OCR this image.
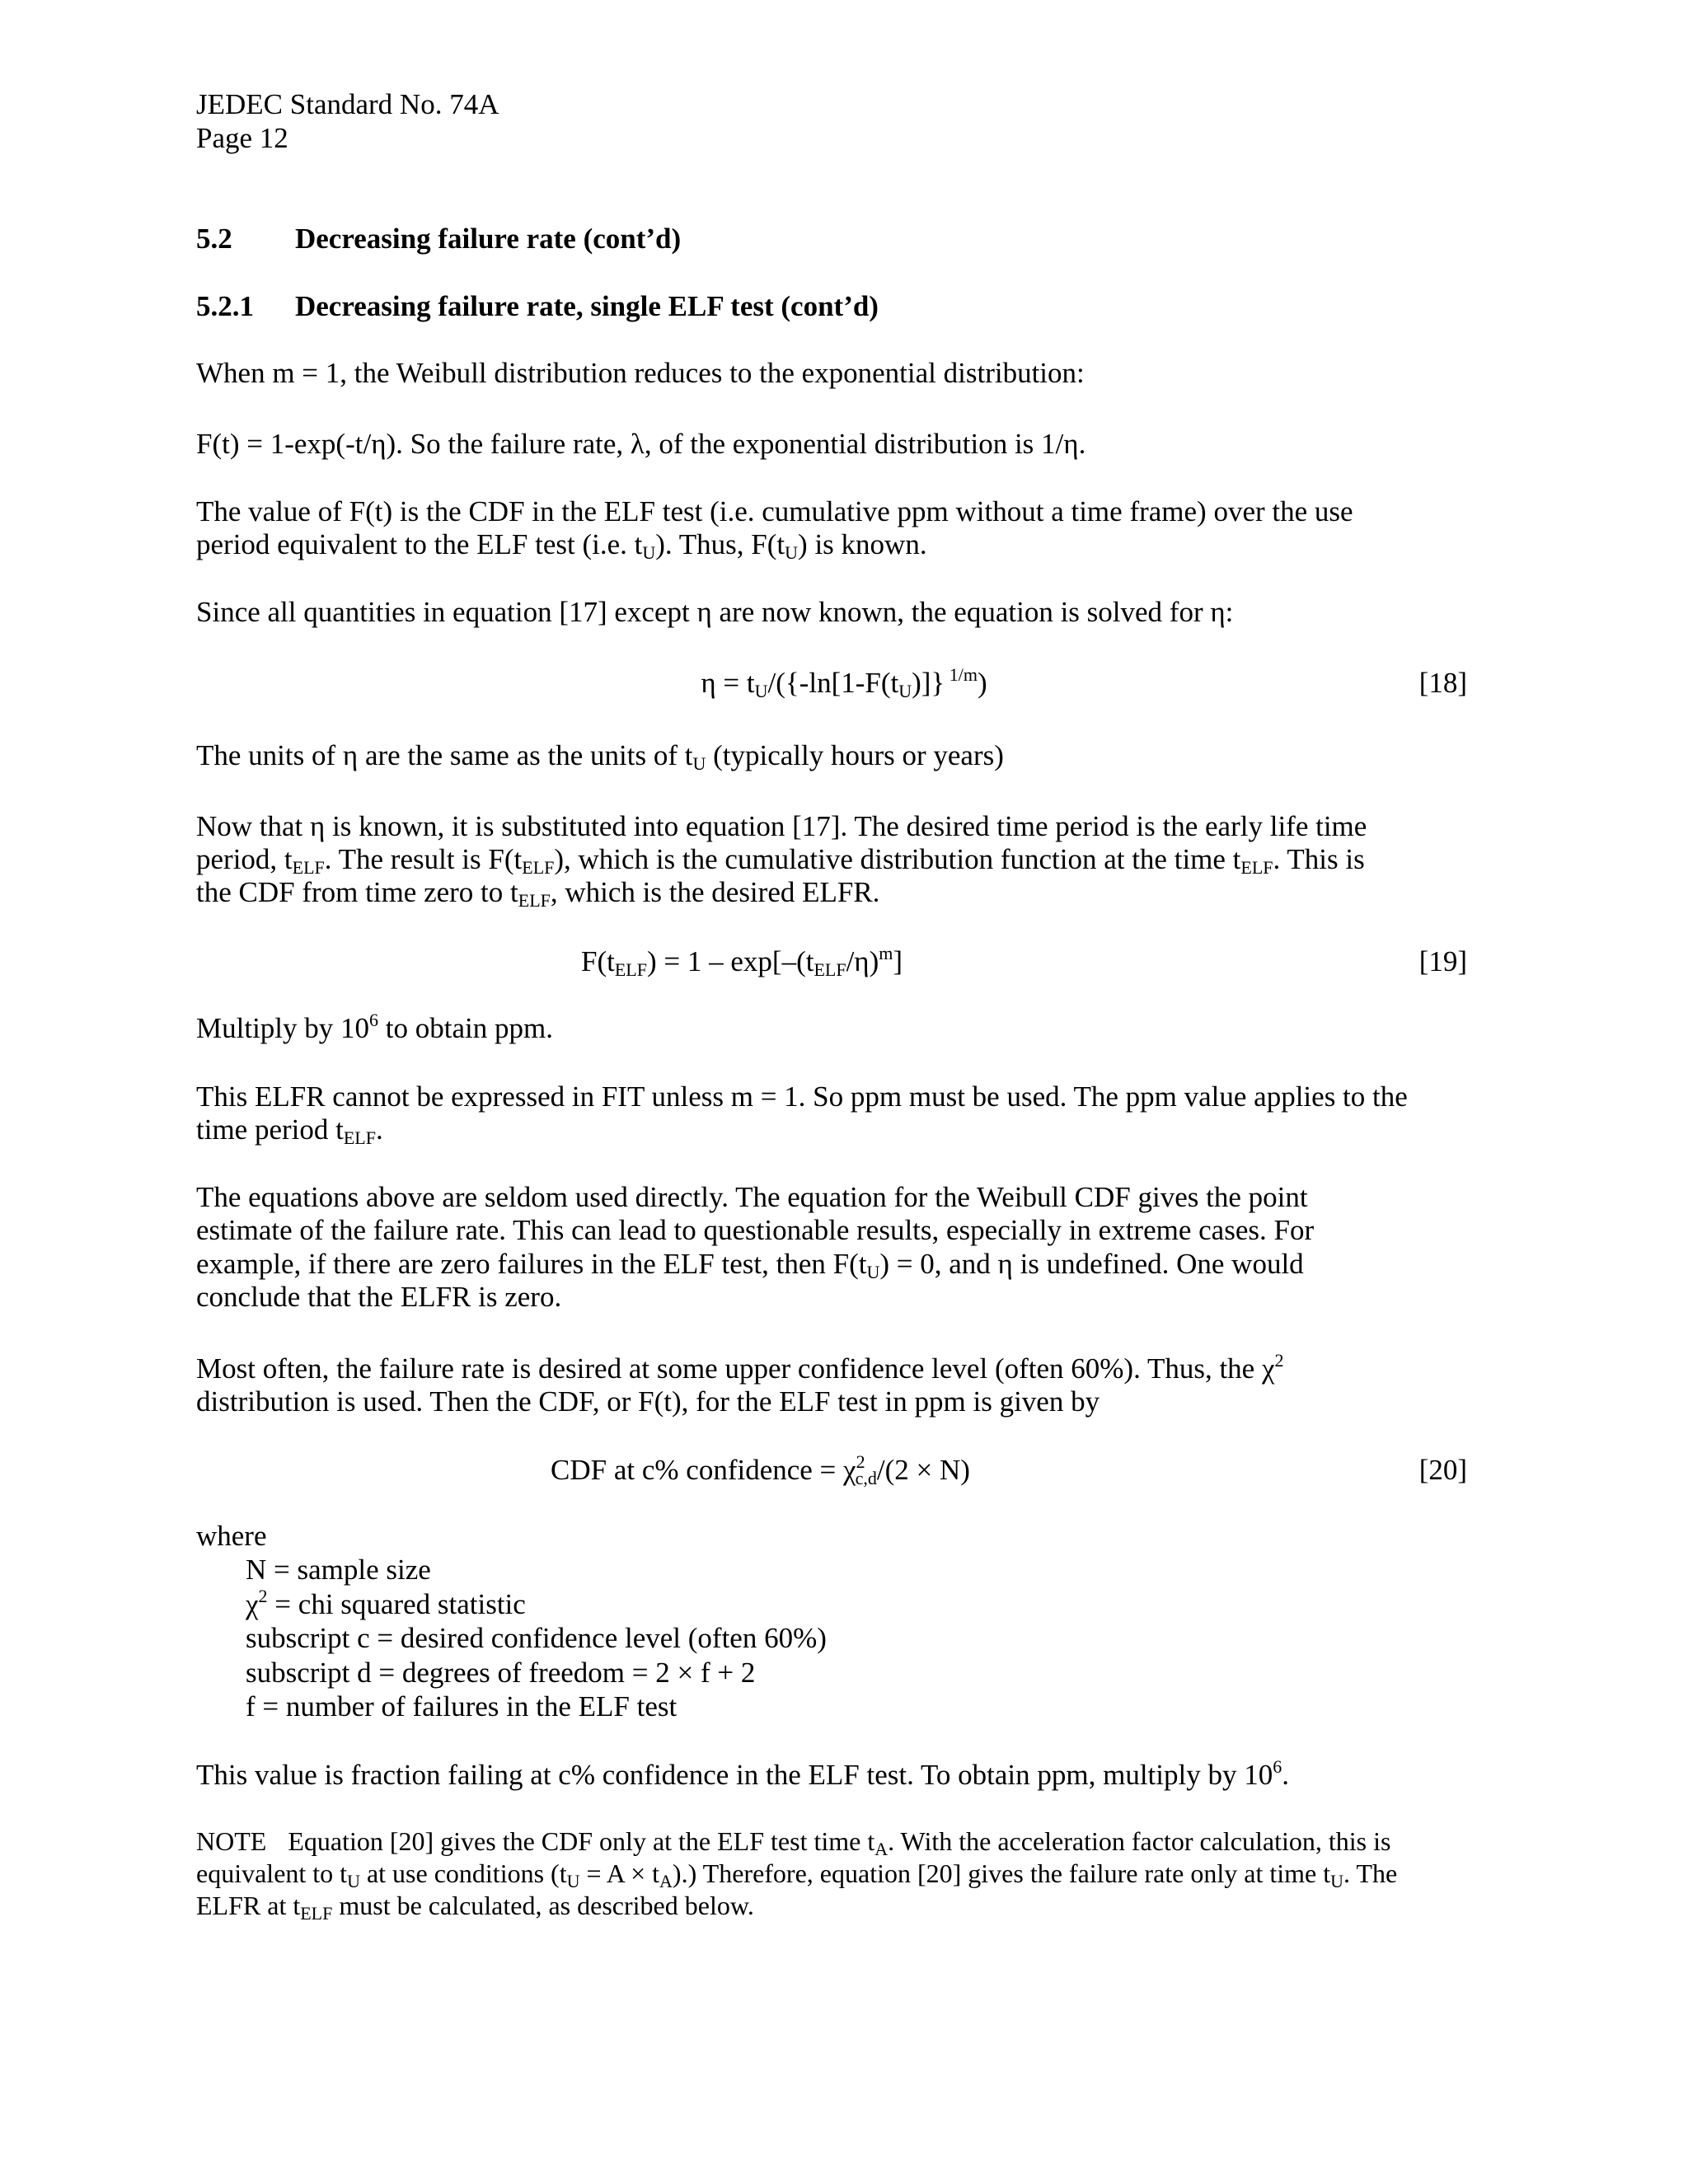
JEDEC Standard No. 74A
Page 12
5.2 Decreasing failure rate (cont’d)
5.2.1 Decreasing failure rate, single ELF test (cont’d)
When m = 1, the Weibull distribution reduces to the exponential distribution:
F(t) = 1-exp(-t/η). So the failure rate, λ, of the exponential distribution is 1/η.
The value of F(t) is the CDF in the ELF test (i.e. cumulative ppm without a time frame) over the use
period equivalent to the ELF test (i.e. $t_U$). Thus, $F(t_U)$ is known.
Since all quantities in equation [17] except η are now known, the equation is solved for η:
$\eta = t_U/(\{-\ln[1-F(t_U)]\}$ $^{1/m}$)	[18]
The units of η are the same as the units of $t_U$ (typically hours or years)
Now that η is known, it is substituted into equation [17]. The desired time period is the early life time
period, $t_{ELF}$. The result is $F(t_{ELF})$, which is the cumulative distribution function at the time $t_{ELF}$. This is
the CDF from time zero to $t_{ELF}$, which is the desired ELFR.
$F(t_{ELF}) = 1 - \exp[-(t_{ELF}/\eta)^m]$	[19]
Multiply by $10^6$ to obtain ppm.
This ELFR cannot be expressed in FIT unless m = 1. So ppm must be used. The ppm value applies to the
time period $t_{ELF}$.
The equations above are seldom used directly. The equation for the Weibull CDF gives the point
estimate of the failure rate. This can lead to questionable results, especially in extreme cases. For
example, if there are zero failures in the ELF test, then $F(t_U) = 0$, and η is undefined. One would
conclude that the ELFR is zero.
Most often, the failure rate is desired at some upper confidence level (often 60%). Thus, the $\chi^2$
distribution is used. Then the CDF, or F(t), for the ELF test in ppm is given by
CDF at c% confidence = $\chi^2_{c,d}/(2 \times N)$	[20]
where
N = sample size
$\chi^2$ = chi squared statistic
subscript c = desired confidence level (often 60%)
subscript d = degrees of freedom = 2 × f + 2
f = number of failures in the ELF test
This value is fraction failing at c% confidence in the ELF test. To obtain ppm, multiply by $10^6$.
NOTE Equation [20] gives the CDF only at the ELF test time $t_A$. With the acceleration factor calculation, this is
equivalent to $t_U$ at use conditions $(t_U = A \times t_A)$.) Therefore, equation [20] gives the failure rate only at time $t_U$. The
ELFR at $t_{ELF}$ must be calculated, as described below.
